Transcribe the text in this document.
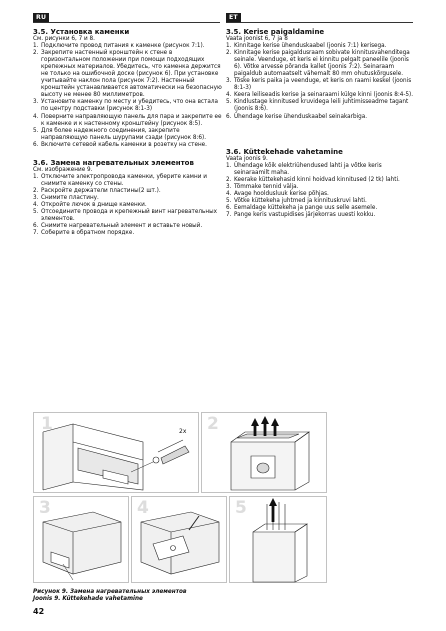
RU	ET

3.5. Установка каменки

См. рисунки 6, 7 и 8.

1. Подключите провод питания к каменке (рисунок 7:1).
2. Закрепите настенный кронштейн к стене в горизонтальном положении при помощи подходящих крепежных материалов. Убедитесь, что каменка держится не только на ошибочной доске (рисунок 6). При установке учитывайте наклон пола (рисунок 7:2). Настенный кронштейн устанавливается автоматически на безопасную высоту не менее 80 миллиметров.
3. Установите каменку по месту и убедитесь, что она встала по центру подставки (рисунок 8:1-3)
4. Поверните направляющую панель для пара и закрепите ее к каменке и к настенному кронштейну (рисунок 8:5).
5. Для более надежного соединения, закрепите направляющую панель шурупами сзади (рисунок 8:6).
6. Включите сетевой кабель каменки в розетку на стене.

3.6. Замена нагревательных элементов

См. изображение 9.

1. Отключите электропровода каменки, уберите камни и снимите каменку со стены.
2. Раскройте держатели пластины(2 шт.).
3. Снимите пластину.
4. Откройте лючок в днище каменки.
5. Отсоедините провода и крепежный винт нагревательных элементов.
6. Снимите нагревательный элемент и вставьте новый.
7. Соберите в обратном порядке.

3.5. Kerise paigaldamine

Vaata joonist 6, 7 ja 8

1. Kinnitage kerise ühenduskaabel (joonis 7:1) kerisega.
2. Kinnitage kerise paigaldusraam sobivate kinnitusvahenditega seinale. Veenduge, et keris ei kinnitu pelgalt paneelile (joonis 6). Võtke arvesse põranda kallet (joonis 7:2). Seinaraam paigaldub automaatselt vähemalt 80 mm ohutuskõrgusele.
3. Tõske keris paika ja veenduge, et keris on raami keskel (joonis 8:1-3)
4. Keera leiliseadis kerise ja seinaraami külge kinni (joonis 8:4-5).
5. Kindlustage kinnitused kruvidega leili juhtimisseadme tagant (joonis 8:6).
6. Ühendage kerise ühenduskaabel seinakarbiga.

3.6. Küttekehade vahetamine

Vaata joonis 9.

1. Ühendage kõik elektriühendused lahti ja võtke keris seinaraamilt maha.
2. Keerake küttekehasid kinni hoidvad kinnitused (2 tk) lahti.
3. Tõmmake tennid välja.
4. Avage hooldusluuk kerise põhjas.
5. Võtke küttekeha juhtmed ja kinnituskruvi lahti.
6. Eemaldage küttekeha ja pange uus selle asemele.
7. Pange keris vastupidises järjekorras uuesti kokku.
1	2
3	4	5
2x
Рисунок 9. Замена нагревательных элементов
Joonis 9. Küttekehade vahetamine
42
